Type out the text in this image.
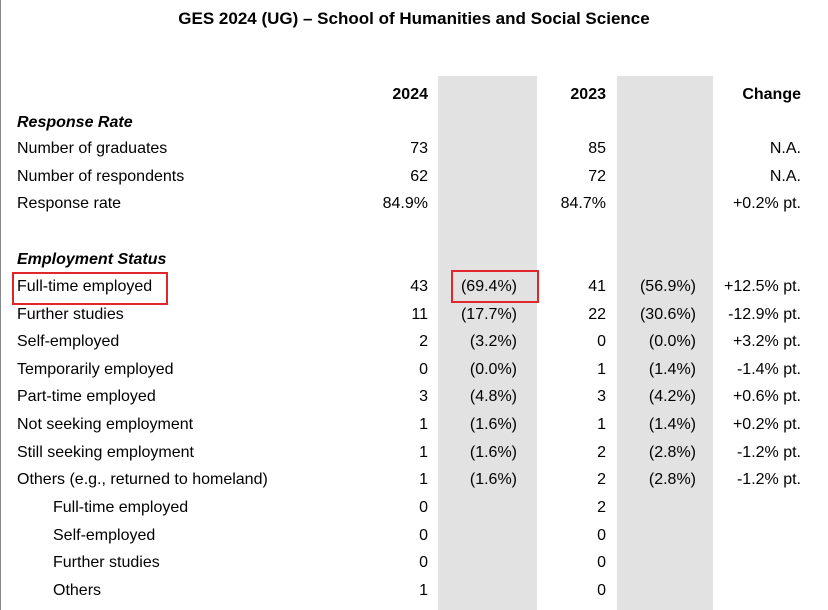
GES 2024 (UG) – School of Humanities and Social Science
2024	2023	Change
Response Rate
Number of graduates	73	85	N.A.
Number of respondents	62	72	N.A.
Response rate	84.9%	84.7%	+0.2% pt.
Employment Status
Full-time employed	43 (69.4%)	41 (56.9%) +12.5% pt.
Further studies	11 (17.7%)	22 (30.6%) -12.9% pt.
Self-employed	2	(3.2%)	0	(0.0%) +3.2% pt.
Temporarily employed	0	(0.0%)	1	(1.4%)	-1.4% pt.
Part-time employed	3	(4.8%)	3	(4.2%) +0.6% pt.
Not seeking employment	1	(1.6%)	1	(1.4%) +0.2% pt.
Still seeking employment	1	(1.6%)	2	(2.8%)	-1.2% pt.
Others (e.g., returned to homeland)	1	(1.6%)	2	(2.8%)	-1.2% pt.
Full-time employed	0	2
Self-employed	0	0
Further studies	0	0
Others	1	0
